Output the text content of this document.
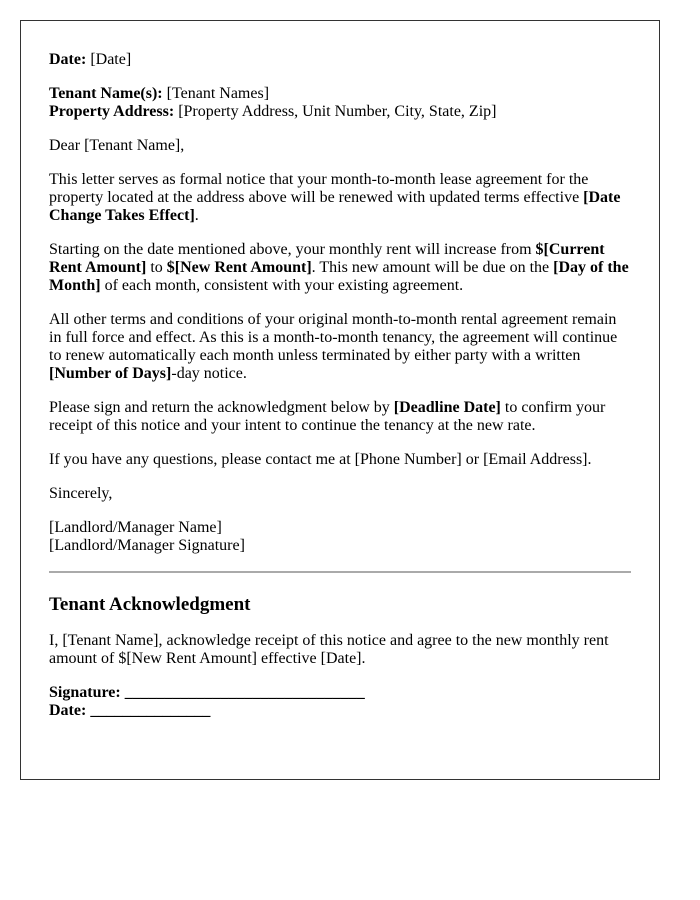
Date: [Date]

Tenant Name(s): [Tenant Names]
Property Address: [Property Address, Unit Number, City, State, Zip]

Dear [Tenant Name],

This letter serves as formal notice that your month-to-month lease agreement for the property located at the address above will be renewed with updated terms effective [Date Change Takes Effect].

Starting on the date mentioned above, your monthly rent will increase from $[Current Rent Amount] to $[New Rent Amount]. This new amount will be due on the [Day of the Month] of each month, consistent with your existing agreement.

All other terms and conditions of your original month-to-month rental agreement remain in full force and effect. As this is a month-to-month tenancy, the agreement will continue to renew automatically each month unless terminated by either party with a written [Number of Days]-day notice.

Please sign and return the acknowledgment below by [Deadline Date] to confirm your receipt of this notice and your intent to continue the tenancy at the new rate.

If you have any questions, please contact me at [Phone Number] or [Email Address].

Sincerely,

[Landlord/Manager Name]
[Landlord/Manager Signature]

Tenant Acknowledgment

I, [Tenant Name], acknowledge receipt of this notice and agree to the new monthly rent amount of $[New Rent Amount] effective [Date].

Signature: ______________________________
Date: _______________
